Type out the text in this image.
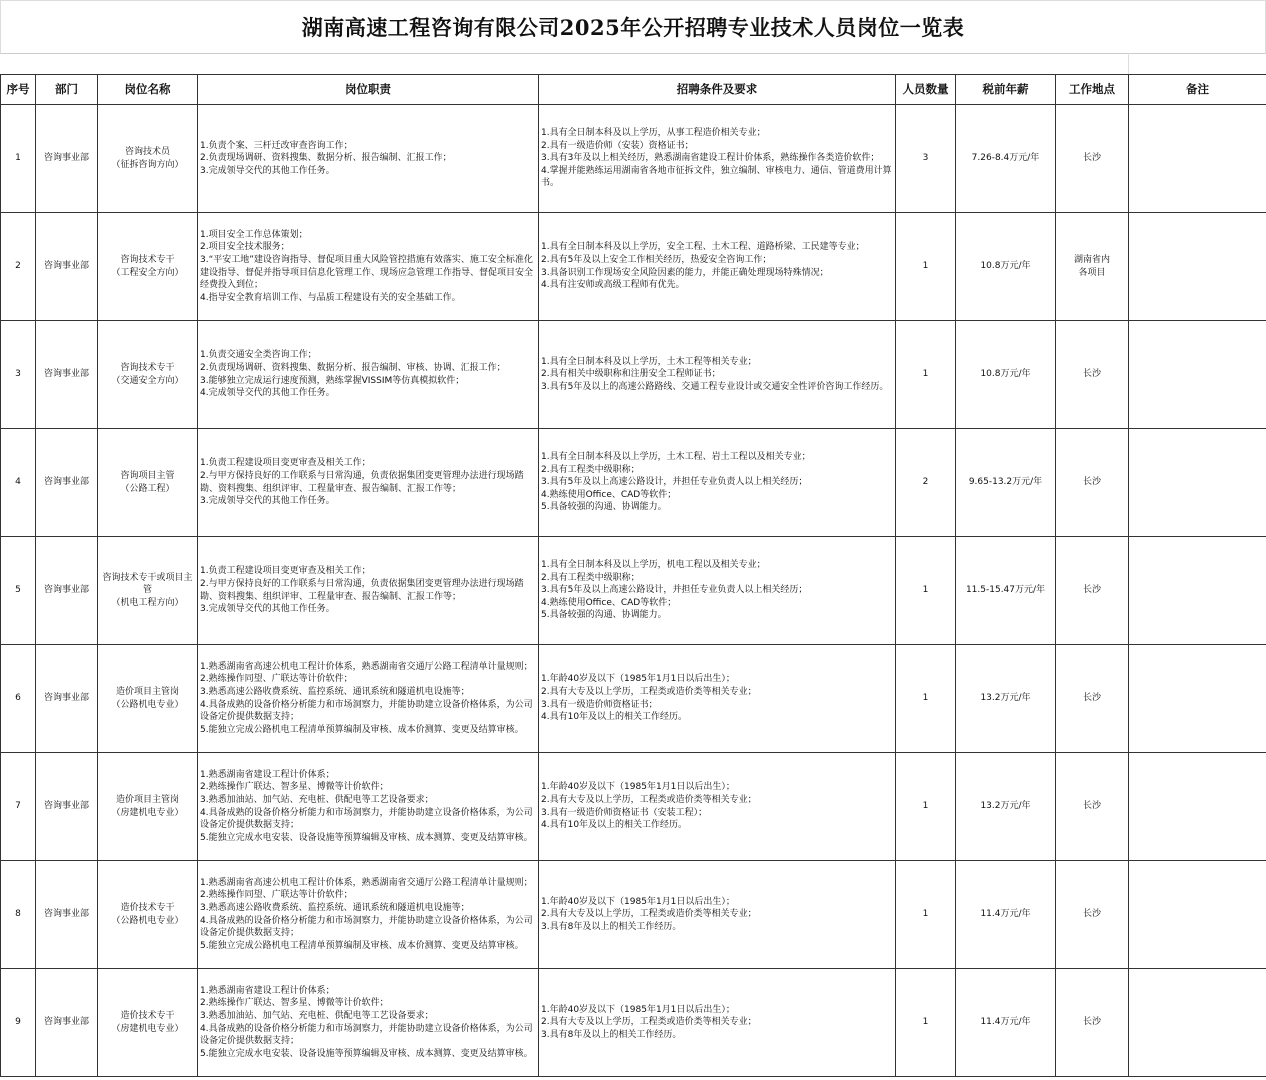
湖南高速工程咨询有限公司2025年公开招聘专业技术人员岗位一览表
序号	部门	岗位名称	岗位职责	招聘条件及要求	人员数量	税前年薪	工作地点	备注
1	咨询事业部	咨询技术员
（征拆咨询方向）	1.负责个案、三杆迁改审查咨询工作；
2.负责现场调研、资料搜集、数据分析、报告编制、汇报工作；
3.完成领导交代的其他工作任务。	1.具有全日制本科及以上学历，从事工程造价相关专业；
2.具有一级造价师（安装）资格证书；
3.具有3年及以上相关经历，熟悉湖南省建设工程计价体系，熟练操作各类造价软件；
4.掌握并能熟练运用湖南省各地市征拆文件，独立编制、审核电力、通信、管道费用计算书。	3	7.26-8.4万元/年	长沙	

2	咨询事业部	咨询技术专干
（工程安全方向）	1.项目安全工作总体策划；
2.项目安全技术服务；
3.“平安工地”建设咨询指导、督促项目重大风险管控措施有效落实、施工安全标准化建设指导、督促并指导项目信息化管理工作、现场应急管理工作指导、督促项目安全经费投入到位；
4.指导安全教育培训工作、与品质工程建设有关的安全基础工作。	1.具有全日制本科及以上学历，安全工程、土木工程、道路桥梁、工民建等专业；
2.具有5年及以上安全工作相关经历，热爱安全咨询工作；
3.具备识别工作现场安全风险因素的能力，并能正确处理现场特殊情况；
4.具有注安师或高级工程师有优先。	1	10.8万元/年	湖南省内
各项目	

3	咨询事业部	咨询技术专干
（交通安全方向）	1.负责交通安全类咨询工作；
2.负责现场调研、资料搜集、数据分析、报告编制、审核、协调、汇报工作；
3.能够独立完成运行速度预测，熟练掌握VISSIM等仿真模拟软件；
4.完成领导交代的其他工作任务。	1.具有全日制本科及以上学历，土木工程等相关专业；
2.具有相关中级职称和注册安全工程师证书；
3.具有5年及以上的高速公路路线、交通工程专业设计或交通安全性评价咨询工作经历。	1	10.8万元/年	长沙	

4	咨询事业部	咨询项目主管
（公路工程）	1.负责工程建设项目变更审查及相关工作；
2.与甲方保持良好的工作联系与日常沟通，负责依据集团变更管理办法进行现场踏勘、资料搜集、组织评审、工程量审查、报告编制、汇报工作等；
3.完成领导交代的其他工作任务。	1.具有全日制本科及以上学历，土木工程、岩土工程以及相关专业；
2.具有工程类中级职称；
3.具有5年及以上高速公路设计，并担任专业负责人以上相关经历；
4.熟练使用Office、CAD等软件；
5.具备较强的沟通、协调能力。	2	9.65-13.2万元/年	长沙	

5	咨询事业部	咨询技术专干或项目主管
（机电工程方向）	1.负责工程建设项目变更审查及相关工作；
2.与甲方保持良好的工作联系与日常沟通，负责依据集团变更管理办法进行现场踏勘、资料搜集、组织评审、工程量审查、报告编制、汇报工作等；
3.完成领导交代的其他工作任务。	1.具有全日制本科及以上学历，机电工程以及相关专业；
2.具有工程类中级职称；
3.具有5年及以上高速公路设计，并担任专业负责人以上相关经历；
4.熟练使用Office、CAD等软件；
5.具备较强的沟通、协调能力。	1	11.5-15.47万元/年	长沙	

6	咨询事业部	造价项目主管岗
（公路机电专业）	1.熟悉湖南省高速公机电工程计价体系，熟悉湖南省交通厅公路工程清单计量规则；
2.熟练操作同望、广联达等计价软件；
3.熟悉高速公路收费系统、监控系统、通讯系统和隧道机电设施等；
4.具备成熟的设备价格分析能力和市场洞察力，并能协助建立设备价格体系，为公司设备定价提供数据支持；
5.能独立完成公路机电工程清单预算编制及审核、成本价测算、变更及结算审核。	1.年龄40岁及以下（1985年1月1日以后出生）；
2.具有大专及以上学历，工程类或造价类等相关专业；
3.具有一级造价师资格证书；
4.具有10年及以上的相关工作经历。	1	13.2万元/年	长沙	

7	咨询事业部	造价项目主管岗
（房建机电专业）	1.熟悉湖南省建设工程计价体系；
2.熟练操作广联达、智多星、博微等计价软件；
3.熟悉加油站、加气站、充电桩、供配电等工艺设备要求；
4.具备成熟的设备价格分析能力和市场洞察力，并能协助建立设备价格体系，为公司设备定价提供数据支持；
5.能独立完成水电安装、设备设施等预算编辑及审核、成本测算、变更及结算审核。	1.年龄40岁及以下（1985年1月1日以后出生）；
2.具有大专及以上学历，工程类或造价类等相关专业；
3.具有一级造价师资格证书（安装工程）；
4.具有10年及以上的相关工作经历。	1	13.2万元/年	长沙	

8	咨询事业部	造价技术专干
（公路机电专业）	1.熟悉湖南省高速公机电工程计价体系，熟悉湖南省交通厅公路工程清单计量规则；
2.熟练操作同望、广联达等计价软件；
3.熟悉高速公路收费系统、监控系统、通讯系统和隧道机电设施等；
4.具备成熟的设备价格分析能力和市场洞察力，并能协助建立设备价格体系，为公司设备定价提供数据支持；
5.能独立完成公路机电工程清单预算编制及审核、成本价测算、变更及结算审核。	1.年龄40岁及以下（1985年1月1日以后出生）；
2.具有大专及以上学历，工程类或造价类等相关专业；
3.具有8年及以上的相关工作经历。	1	11.4万元/年	长沙	

9	咨询事业部	造价技术专干
（房建机电专业）	1.熟悉湖南省建设工程计价体系；
2.熟练操作广联达、智多星、博微等计价软件；
3.熟悉加油站、加气站、充电桩、供配电等工艺设备要求；
4.具备成熟的设备价格分析能力和市场洞察力，并能协助建立设备价格体系，为公司设备定价提供数据支持；
5.能独立完成水电安装、设备设施等预算编辑及审核、成本测算、变更及结算审核。	1.年龄40岁及以下（1985年1月1日以后出生）；
2.具有大专及以上学历，工程类或造价类等相关专业；
3.具有8年及以上的相关工作经历。	1	11.4万元/年	长沙	
